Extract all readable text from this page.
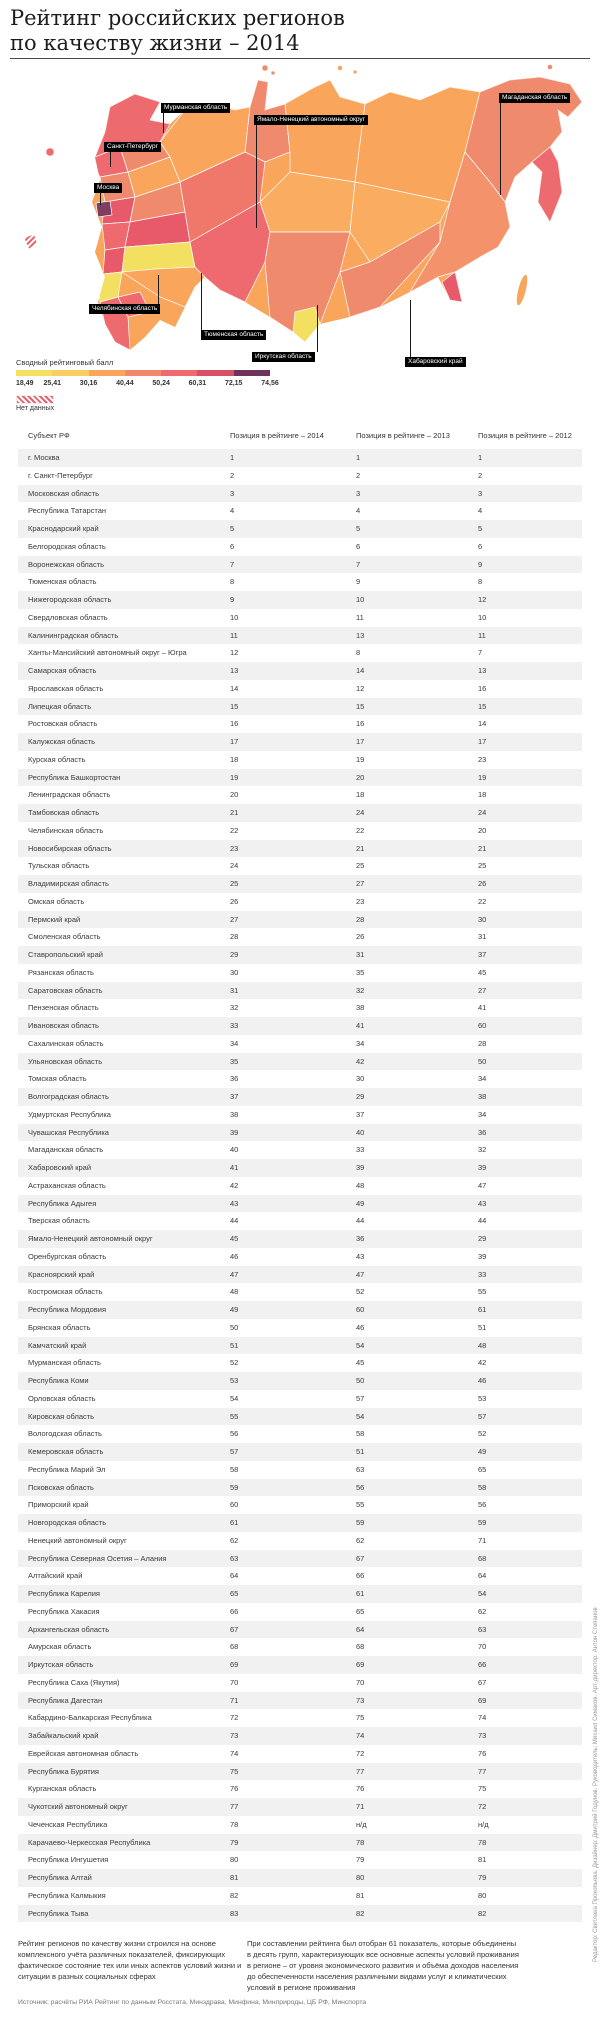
Рейтинг российских регионов
по качеству жизни – 2014
Мурманская область
Санкт-Петербург
Москва
Ямало-Ненецкий автономный округ
Магаданская область
Челябинская область
Тюменская область
Иркутская область
Хабаровский край
Сводный рейтинговый балл
18,49 25,41	30,16	40,44	50,24	60,31	72,15	74,56
Нет данных
Субъект РФ	Позиция в рейтинге – 2014	Позиция в рейтинге – 2013	Позиция в рейтинге – 2012
г. Москва	1	1	1
г. Санкт-Петербург	2	2	2
Московская область	3	3	3
Республика Татарстан	4	4	4
Краснодарский край	5	5	5
Белгородская область	6	6	6
Воронежская область	7	7	9
Тюменская область	8	9	8
Нижегородская область	9	10	12
Свердловская область	10	11	10
Калининградская область	11	13	11
Ханты-Мансийский автономный округ – Югра	12	8	7
Самарская область	13	14	13
Ярославская область	14	12	16
Липецкая область	15	15	15
Ростовская область	16	16	14
Калужская область	17	17	17
Курская область	18	19	23
Республика Башкортостан	19	20	19
Ленинградская область	20	18	18
Тамбовская область	21	24	24
Челябинская область	22	22	20
Новосибирская область	23	21	21
Тульская область	24	25	25
Владимирская область	25	27	26
Омская область	26	23	22
Пермский край	27	28	30
Смоленская область	28	26	31
Ставропольский край	29	31	37
Рязанская область	30	35	45
Саратовская область	31	32	27
Пензенская область	32	38	41
Ивановская область	33	41	60
Сахалинская область	34	34	28
Ульяновская область	35	42	50
Томская область	36	30	34
Волгоградская область	37	29	38
Удмуртская Республика	38	37	34
Чувашская Республика	39	40	36
Магаданская область	40	33	32
Хабаровский край	41	39	39
Астраханская область	42	48	47
Республика Адыгея	43	49	43
Тверская область	44	44	44
Ямало-Ненецкий автономный округ	45	36	29
Оренбургская область	46	43	39
Красноярский край	47	47	33
Костромская область	48	52	55
Республика Мордовия	49	60	61
Брянская область	50	46	51
Камчатский край	51	54	48
Мурманская область	52	45	42
Республика Коми	53	50	46
Орловская область	54	57	53
Кировская область	55	54	57
Вологодская область	56	58	52
Кемеровская область	57	51	49
Республика Марий Эл	58	63	65
Псковская область	59	56	58
Приморский край	60	55	56
Новгородская область	61	59	59
Ненецкий автономный округ	62	62	71
Республика Северная Осетия – Алания	63	67	68
Алтайский край	64	66	64
Республика Карелия	65	61	54
Республика Хакасия	66	65	62
Архангельская область	67	64	63
Амурская область	68	68	70
Иркутская область	69	69	66
Республика Саха (Якутия)	70	70	67
Республика Дагестан	71	73	69
Кабардино-Балкарская Республика	72	75	74
Забайкальский край	73	74	73
Еврейская автономная область	74	72	76
Республика Бурятия	75	77	77
Курганская область	76	76	75
Чукотский автономный округ	77	71	72
Чеченская Республика	78	н/д	н/д
Карачаево-Черкесская Республика	79	78	78
Республика Ингушетия	80	79	81
Республика Алтай	81	80	79
Республика Калмыкия	82	81	80
Республика Тыва	83	82	82
Рейтинг регионов по качеству жизни строился на основе комплексного учёта различных показателей, фиксирующих фактическое состояние тех или иных аспектов условий жизни и ситуации в разных социальных сферах
При составлении рейтинга был отобран 61 показатель, которые объединены в десять групп, характеризующих все основные аспекты условий проживания в регионе – от уровня экономического развития и объёма доходов населения до обеспеченности населения различными видами услуг и климатических условий в регионе проживания
Источник: расчёты РИА Рейтинг по данным Росстата, Минздрава, Минфина, Минприроды, ЦБ РФ, Минспорта
Редактор: Светлана Прокопьева. Дизайнер: Дмитрий Годунов. Руководитель: Михаил Симаков. Арт-директор: Антон Степанов
